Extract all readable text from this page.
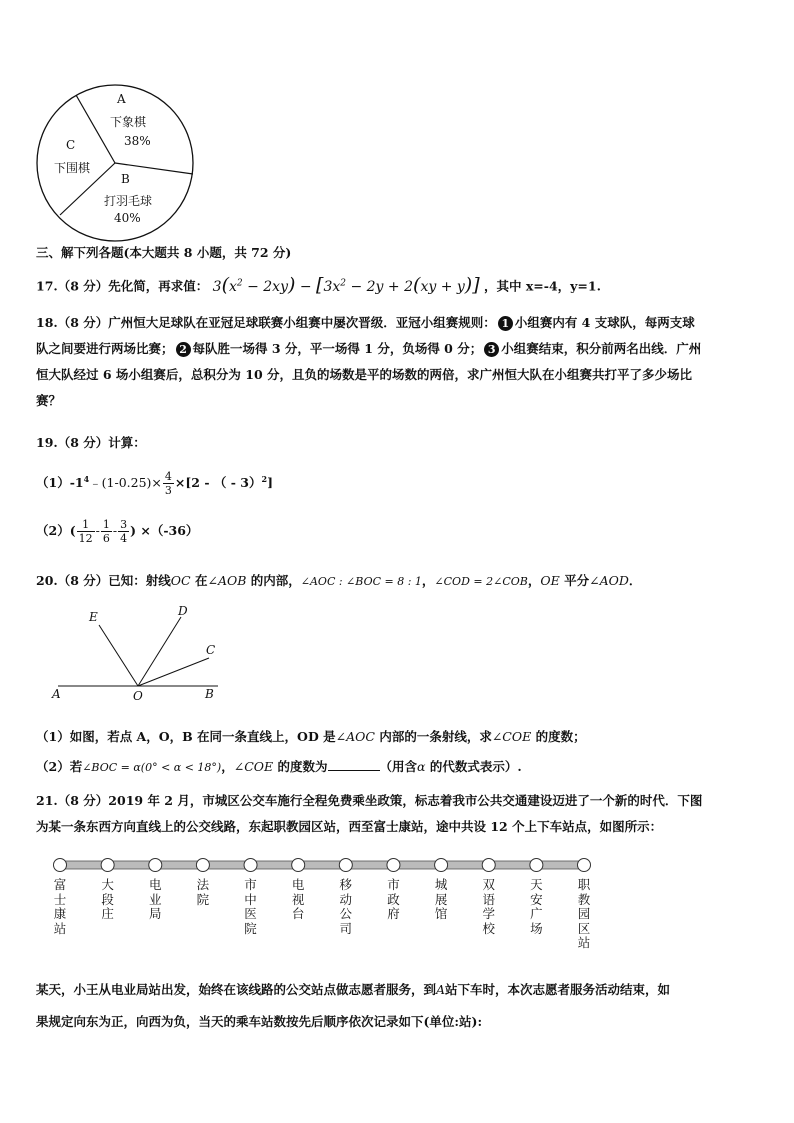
A
下象棋
38%
C
下围棋
B
打羽毛球
40%
三、解下列各题(本大题共 8 小题，共 72 分)
17.（8 分）先化简，再求值： $3(x^2 - 2xy) - [3x^2 - 2y + 2(xy + y)]$ ，其中 x=-4，y=1.
18.（8 分）广州恒大足球队在亚冠足球联赛小组赛中屡次晋级．亚冠小组赛规则： 1 小组赛内有 4 支球队，每两支球
队之间要进行两场比赛； 2 每队胜一场得 3 分，平一场得 1 分，负场得 0 分； 3 小组赛结束，积分前两名出线．广州
恒大队经过 6 场小组赛后，总积分为 10 分，且负的场数是平的场数的两倍，求广州恒大队在小组赛共打平了多少场比
赛？
19.（8 分）计算：
$(1)-1^4﹣(1-0.25)\times \frac{4}{3} \times[2$ - （ - 3）$^2$]
$(2)( \frac{1}{12} - \frac{1}{6} - \frac{3}{4}$ ) ×（-36）
20.（8 分）已知：射线OC 在∠AOB 的内部，∠AOC : ∠BOC = 8 : 1，∠COD = 2∠COB，OE 平分∠AOD．
E	D
C
A	O	B
（1）如图，若点 A，O，B 在同一条直线上，OD 是∠AOC 内部的一条射线，求∠COE 的度数；
（2）若∠BOC = α(0° < α < 18°)，∠COE 的度数为	（用含α 的代数式表示）.
21.（8 分）2019 年 2 月，市城区公交车施行全程免费乘坐政策，标志着我市公共交通建设迈进了一个新的时代．下图
为某一条东西方向直线上的公交线路，东起职教园区站，西至富士康站，途中共设 12 个上下车站点，如图所示：
富
士
康
站
大
段
庄
电
业
局
法
院
市
中
医
院
电
视
台
移
动
公
司
市
政
府
城
展
馆
双
语
学
校
天
安
广
场
职
教
园
区
站
某天，小王从电业局站出发，始终在该线路的公交站点做志愿者服务，到A站下车时，本次志愿者服务活动结束，如
果规定向东为正，向西为负，当天的乘车站数按先后顺序依次记录如下(单位:站):
